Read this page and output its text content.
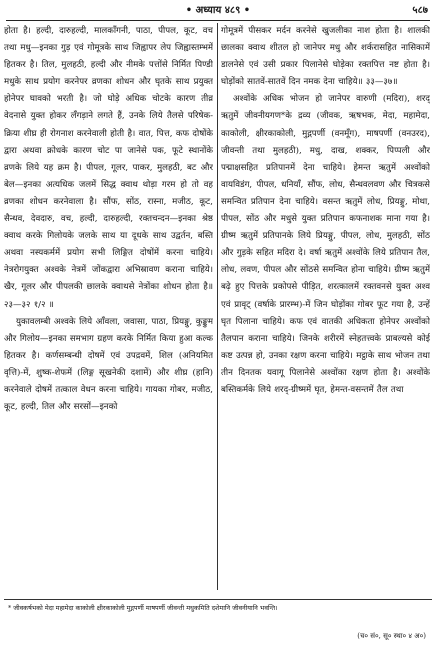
• अध्याय ४८९ •	५८७

होता है। हल्दी, दारुहल्दी, मालकाँगनी, पाठा, पीपल, कूट, वच तथा मधु—इनका गुड़ एवं गोमूत्रके साथ जिह्वापर लेप जिह्वास्तम्भमें हितकर है। तिल, मुलहठी, हल्दी और नीमके पत्तोंसे निर्मित पिण्डी मधुके साथ प्रयोग करनेपर व्रणका शोधन और घृतके साथ प्रयुक्त होनेपर घावको भरती है। जो घोड़े अधिक चोटके कारण तीव्र वेदनासे युक्त होकर लँगड़ाने लगते हैं, उनके लिये तैलसे परिषेक-क्रिया शीघ्र ही रोगनाश करनेवाली होती है। वात, पित्त, कफ दोषोंके द्वारा अथवा क्रोधके कारण चोट पा जानेसे पक, फूटे स्थानोंके व्रणके लिये यह क्रम है। पीपल, गूलर, पाकर, मुलहठी, बट और बेल—इनका अत्यधिक जलमें सिद्ध क्वाथ थोड़ा गरम हो तो वह व्रणका शोधन करनेवाला है। सौंफ, सोंठ, रास्ना, मजीठ, कूट, सैन्धव, देवदारु, वच, हल्दी, दारुहल्दी, रक्तचन्दन—इनका श्रेष्ठ क्वाथ करके गिलोयके जलके साथ या दूधके साथ उद्वर्तन, बस्ति अथवा नस्यकर्ममें प्रयोग सभी लिङ्गित दोषोंमें करना चाहिये। नेत्ररोगयुक्त अश्वके नेत्रमें जोंकद्वारा अभिस्रावण कराना चाहिये। खैर, गूलर और पीपलकी छालके क्वाथसे नेत्रोंका शोधन होता है॥ २३—३२ १/२ ॥

युकावलम्बी अश्वके लिये आँवला, जवासा, पाठा, प्रियङ्गु, कुङ्कुम और गिलोय—इनका समभाग ग्रहण करके निर्मित किया हुआ कल्क हितकर है। कर्णसम्बन्धी दोषमें एवं उपद्रवमें, शिल (अनियमित वृत्ति)-में, शुष्क-शेफमें (लिङ्ग सूखनेकी दशामें) और शीघ्र (हानि) करनेवाले दोषमें तत्काल वेधन करना चाहिये। गायका गोबर, मजीठ, कूट, हल्दी, तिल और सरसों—इनको

गोमूत्रमें पीसकर मर्दन करनेसे खुजलीका नाश होता है। शालकी छालका क्वाथ शीतल हो जानेपर मधु और शर्करासहित नासिकामें डालनेसे एवं उसी प्रकार पिलानेसे घोड़ेका रक्तपित्त नष्ट होता है। घोड़ोंको सातवें-सातवें दिन नमक देना चाहिये॥ ३३—३७॥

अश्वोंके अधिक भोजन हो जानेपर वारुणी (मदिरा), शरद् ऋतुमें जीवनीयगण*के द्रव्य (जीवक, ऋषभक, मेदा, महामेदा, काकोली, क्षीरकाकोली, मुद्गपर्णी (वनमूँग), माषपर्णी (वनउरद), जीवन्ती तथा मुलहठी), मधु, दाख, शक्कर, पिप्पली और पद्माक्षसहित प्रतिपानमें देना चाहिये। हेमन्त ऋतुमें अश्वोंको वायविडंग, पीपल, धनियाँ, सौंफ, लोध, सैन्धवलवण और चित्रकसे समन्वित प्रतिपान देना चाहिये। वसन्त ऋतुमें लोध, प्रियङ्गु, मोथा, पीपल, सोंठ और मधुसे युक्त प्रतिपान कफनाशक माना गया है। ग्रीष्म ऋतुमें प्रतिपानके लिये प्रियङ्गु, पीपल, लोध, मुलहठी, सोंठ और गुड़के सहित मदिरा दे। वर्षा ऋतुमें अश्वोंके लिये प्रतिपान तैल, लोध, लवण, पीपल और सोंठसे समन्वित होना चाहिये। ग्रीष्म ऋतुमें बढ़े हुए पित्तके प्रकोपसे पीड़ित, शरत्कालमें रक्तवनसे युक्त अश्व एवं प्रावृट् (वर्षाके प्रारम्भ)-में जिन घोड़ोंका गोबर फूट गया है, उन्हें घृत पिलाना चाहिये। कफ एवं वातकी अधिकता होनेपर अश्वोंको तैलपान कराना चाहिये। जिनके शरीरमें स्नेहतत्त्वके प्राबल्यसे कोई कष्ट उत्पन्न हो, उनका रक्षण करना चाहिये। मट्ठाके साथ भोजन तथा तीन दिनतक यवागू पिलानेसे अश्वोंका रक्षण होता है। अश्वोंके बस्तिकर्मके लिये शरद्-ग्रीष्ममें घृत, हेमन्त-वसन्तमें तैल तथा

* जीवकर्षभको मेदा महामेदा काकोली क्षीरकाकोली मुद्गपर्णी माषपर्णी जीवन्ती मधुकमिति दशेमानि जीवनीयानि भवन्ति।
(च० सं०, सू० स्था० ४ अ०)
